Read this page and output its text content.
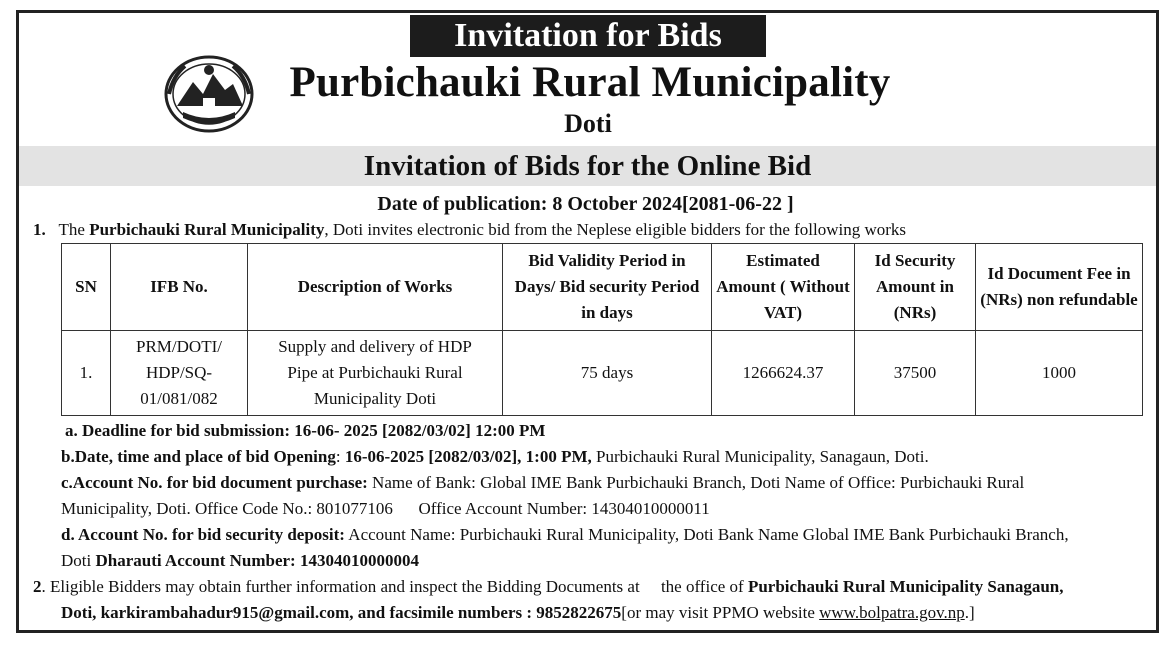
Invitation for Bids
Purbichauki Rural Municipality
Doti
Invitation of Bids for the Online Bid
Date of publication: 8 October 2024[2081-06-22 ]
1. The Purbichauki Rural Municipality, Doti invites electronic bid from the Neplese eligible bidders for the following works
SN	IFB No.	Description of Works	Bid Validity Period in Days/ Bid security Period in days	Estimated Amount ( Without VAT)	Id Security Amount in (NRs)	Id Document Fee in (NRs) non refundable
1.	PRM/DOTI/ HDP/SQ-01/081/082	Supply and delivery of HDP Pipe at Purbichauki Rural Municipality Doti	75 days	1266624.37	37500	1000
a. Deadline for bid submission: 16-06- 2025 [2082/03/02] 12:00 PM
b.Date, time and place of bid Opening: 16-06-2025 [2082/03/02], 1:00 PM, Purbichauki Rural Municipality, Sanagaun, Doti.
c.Account No. for bid document purchase: Name of Bank: Global IME Bank Purbichauki Branch, Doti Name of Office: Purbichauki Rural
Municipality, Doti. Office Code No.: 801077106 Office Account Number: 14304010000011
d. Account No. for bid security deposit: Account Name: Purbichauki Rural Municipality, Doti Bank Name Global IME Bank Purbichauki Branch,
Doti Dharauti Account Number: 14304010000004
2. Eligible Bidders may obtain further information and inspect the Bidding Documents at the office of Purbichauki Rural Municipality Sanagaun,
Doti, karkirambahadur915@gmail.com, and facsimile numbers : 9852822675[or may visit PPMO website www.bolpatra.gov.np.]
